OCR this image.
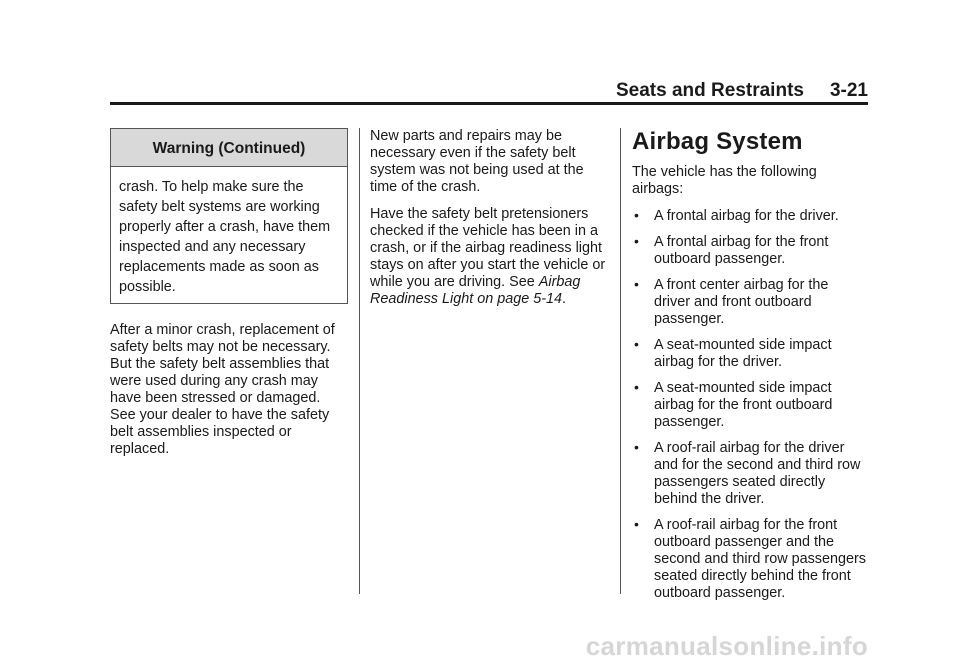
Seats and Restraints 3-21
Warning (Continued)
crash. To help make sure the safety belt systems are working properly after a crash, have them inspected and any necessary replacements made as soon as possible.

After a minor crash, replacement of safety belts may not be necessary. But the safety belt assemblies that were used during any crash may have been stressed or damaged. See your dealer to have the safety belt assemblies inspected or replaced.

New parts and repairs may be necessary even if the safety belt system was not being used at the time of the crash.

Have the safety belt pretensioners checked if the vehicle has been in a crash, or if the airbag readiness light stays on after you start the vehicle or while you are driving. See Airbag Readiness Light on page 5-14.

Airbag System

The vehicle has the following airbags:

• A frontal airbag for the driver.
• A frontal airbag for the front outboard passenger.
• A front center airbag for the driver and front outboard passenger.
• A seat-mounted side impact airbag for the driver.
• A seat-mounted side impact airbag for the front outboard passenger.
• A roof-rail airbag for the driver and for the second and third row passengers seated directly behind the driver.
• A roof-rail airbag for the front outboard passenger and the second and third row passengers seated directly behind the front outboard passenger.
carmanualsonline.info
